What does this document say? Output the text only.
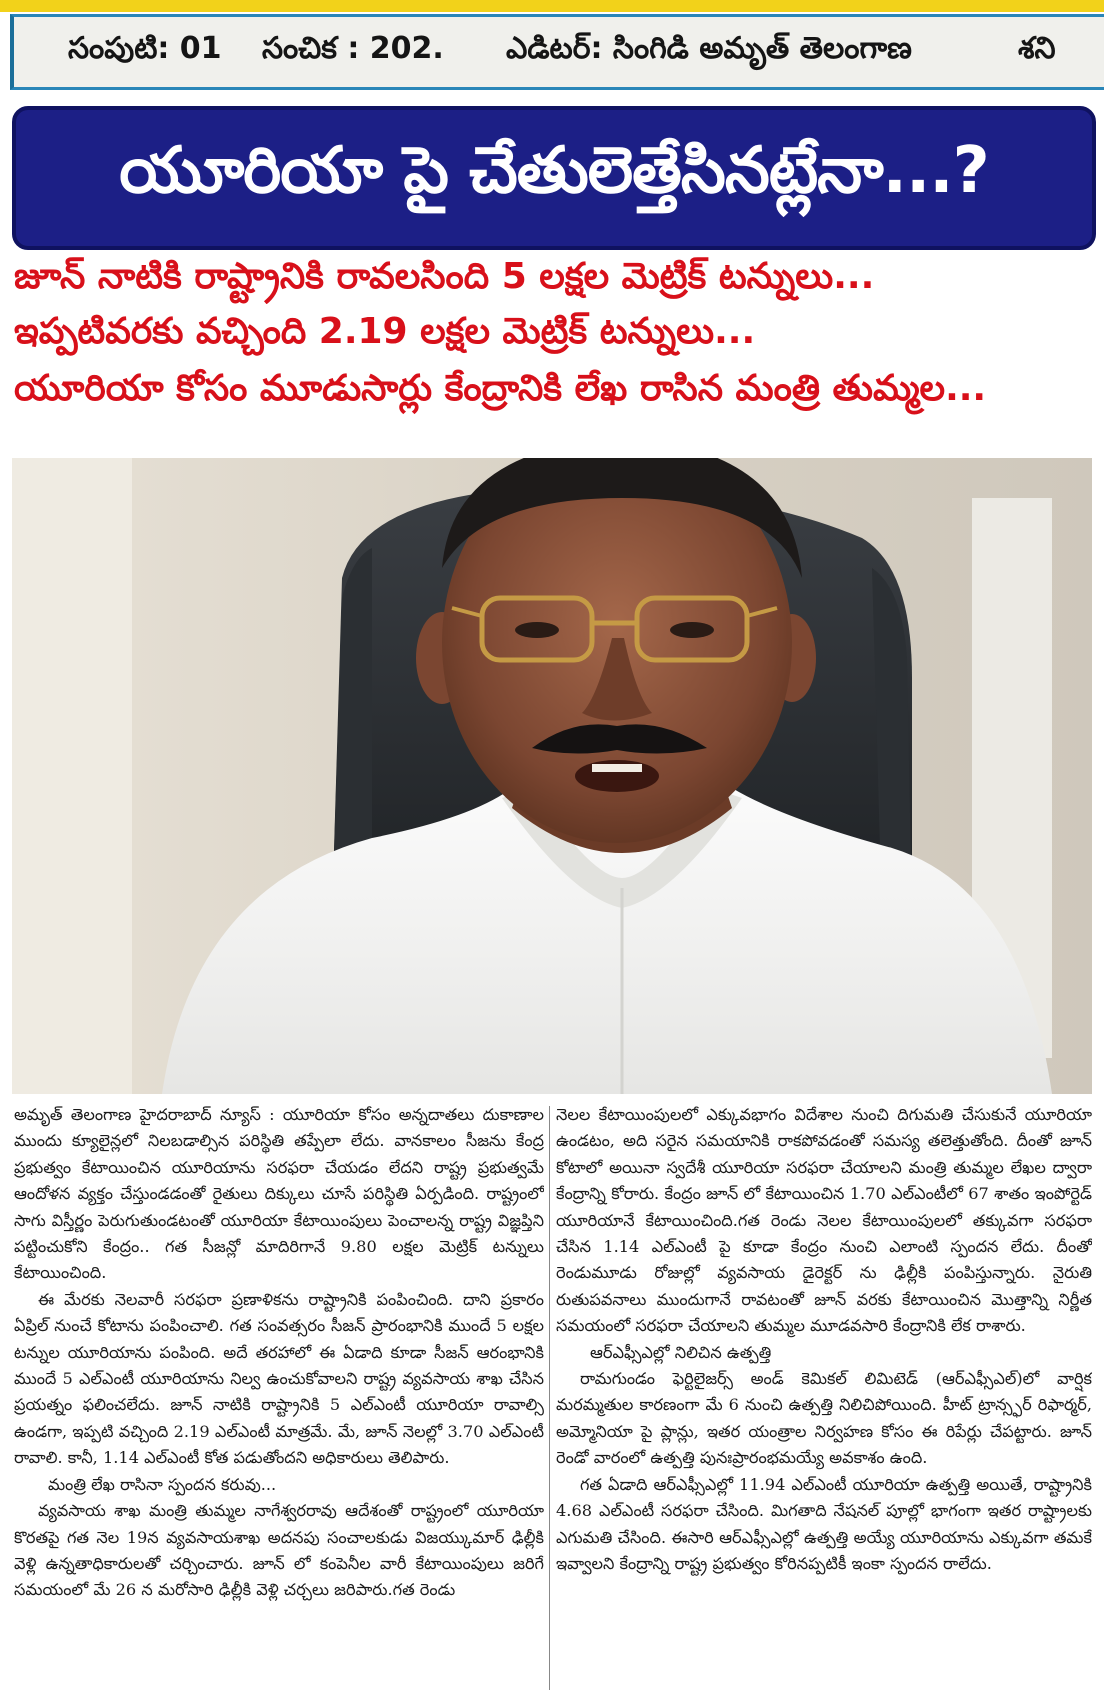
సంపుటి: 01 సంచిక : 202. ఎడిటర్: సింగిడి అమృత్ తెలంగాణ	శని
యూరియా పై చేతులెత్తేసినట్లేనా...?
జూన్ నాటికి రాష్ట్రానికి రావలసింది 5 లక్షల మెట్రిక్ టన్నులు...
ఇప్పటివరకు వచ్చింది 2.19 లక్షల మెట్రిక్ టన్నులు...
యూరియా కోసం మూడుసార్లు కేంద్రానికి లేఖ రాసిన మంత్రి తుమ్మల...

అమృత్ తెలంగాణ హైదరాబాద్ న్యూస్ : యూరియా కోసం అన్నదాతలు దుకాణాల ముందు క్యూలైన్లలో నిలబడాల్సిన పరిస్థితి తప్పేలా లేదు. వానకాలం సీజను కేంద్ర ప్రభుత్వం కేటాయించిన యూరియాను సరఫరా చేయడం లేదని రాష్ట్ర ప్రభుత్వమే ఆందోళన వ్యక్తం చేస్తుండడంతో రైతులు దిక్కులు చూసే పరిస్థితి ఏర్పడింది. రాష్ట్రంలో సాగు విస్తీర్ణం పెరుగుతుండటంతో యూరియా కేటాయింపులు పెంచాలన్న రాష్ట్ర విజ్ఞప్తిని పట్టించుకోని కేంద్రం.. గత సీజన్లో మాదిరిగానే 9.80 లక్షల మెట్రిక్ టన్నులు కేటాయించింది.

ఈ మేరకు నెలవారీ సరఫరా ప్రణాళికను రాష్ట్రానికి పంపించింది. దాని ప్రకారం ఏప్రిల్ నుంచే కోటాను పంపించాలి. గత సంవత్సరం సీజన్ ప్రారంభానికి ముందే 5 లక్షల టన్నుల యూరియాను పంపింది. అదే తరహాలో ఈ ఏడాది కూడా సీజన్ ఆరంభానికి ముందే 5 ఎల్ఎంటీ యూరియాను నిల్వ ఉంచుకోవాలని రాష్ట్ర వ్యవసాయ శాఖ చేసిన ప్రయత్నం ఫలించలేదు. జూన్ నాటికి రాష్ట్రానికి 5 ఎల్ఎంటీ యూరియా రావాల్సి ఉండగా, ఇప్పటి వచ్చింది 2.19 ఎల్ఎంటీ మాత్రమే. మే, జూన్ నెలల్లో 3.70 ఎల్ఎంటీ రావాలి. కానీ, 1.14 ఎల్ఎంటీ కోత పడుతోందని అధికారులు తెలిపారు.

మంత్రి లేఖ రాసినా స్పందన కరువు...

వ్యవసాయ శాఖ మంత్రి తుమ్మల నాగేశ్వరరావు ఆదేశంతో రాష్ట్రంలో యూరియా కొరతపై గత నెల 19న వ్యవసాయశాఖ అదనపు సంచాలకుడు విజయ్కుమార్ ఢిల్లీకి వెళ్లి ఉన్నతాధికారులతో చర్చించారు. జూన్ లో కంపెనీల వారీ కేటాయింపులు జరిగే సమయంలో మే 26 న మరోసారి ఢిల్లీకి వెళ్లి చర్చలు జరిపారు.గత రెండు

నెలల కేటాయింపులలో ఎక్కువభాగం విదేశాల నుంచి దిగుమతి చేసుకునే యూరియా ఉండటం, అది సరైన సమయానికి రాకపోవడంతో సమస్య తలెత్తుతోంది. దీంతో జూన్ కోటాలో అయినా స్వదేశీ యూరియా సరఫరా చేయాలని మంత్రి తుమ్మల లేఖల ద్వారా కేంద్రాన్ని కోరారు. కేంద్రం జూన్ లో కేటాయించిన 1.70 ఎల్ఎంటీలో 67 శాతం ఇంపోర్టెడ్ యూరియానే కేటాయించింది.గత రెండు నెలల కేటాయింపులలో తక్కువగా సరఫరా చేసిన 1.14 ఎల్ఎంటీ పై కూడా కేంద్రం నుంచి ఎలాంటి స్పందన లేదు. దీంతో రెండుమూడు రోజుల్లో వ్యవసాయ డైరెక్టర్ ను ఢిల్లీకి పంపిస్తున్నారు. నైరుతి రుతుపవనాలు ముందుగానే రావటంతో జూన్ వరకు కేటాయించిన మొత్తాన్ని నిర్ణీత సమయంలో సరఫరా చేయాలని తుమ్మల మూడవసారి కేంద్రానికి లేక రాశారు.

ఆర్ఎఫ్సీఎల్లో నిలిచిన ఉత్పత్తి

రామగుండం ఫెర్టిలైజర్స్ అండ్ కెమికల్ లిమిటెడ్ (ఆర్ఎఫ్సీఎల్)లో వార్షిక మరమ్మతుల కారణంగా మే 6 నుంచి ఉత్పత్తి నిలిచిపోయింది. హీట్ ట్రాన్స్ఫర్ రిఫార్మర్, అమ్మోనియా పై ప్లాన్లు, ఇతర యంత్రాల నిర్వహణ కోసం ఈ రిపేర్లు చేపట్టారు. జూన్ రెండో వారంలో ఉత్పత్తి పునఃప్రారంభమయ్యే అవకాశం ఉంది.

గత ఏడాది ఆర్ఎఫ్సీఎల్లో 11.94 ఎల్ఎంటీ యూరియా ఉత్పత్తి అయితే, రాష్ట్రానికి 4.68 ఎల్ఎంటీ సరఫరా చేసింది. మిగతాది నేషనల్ పూల్లో భాగంగా ఇతర రాష్ట్రాలకు ఎగుమతి చేసింది. ఈసారి ఆర్ఎఫ్సీఎల్లో ఉత్పత్తి అయ్యే యూరియాను ఎక్కువగా తమకే ఇవ్వాలని కేంద్రాన్ని రాష్ట్ర ప్రభుత్వం కోరినప్పటికీ ఇంకా స్పందన రాలేదు.
